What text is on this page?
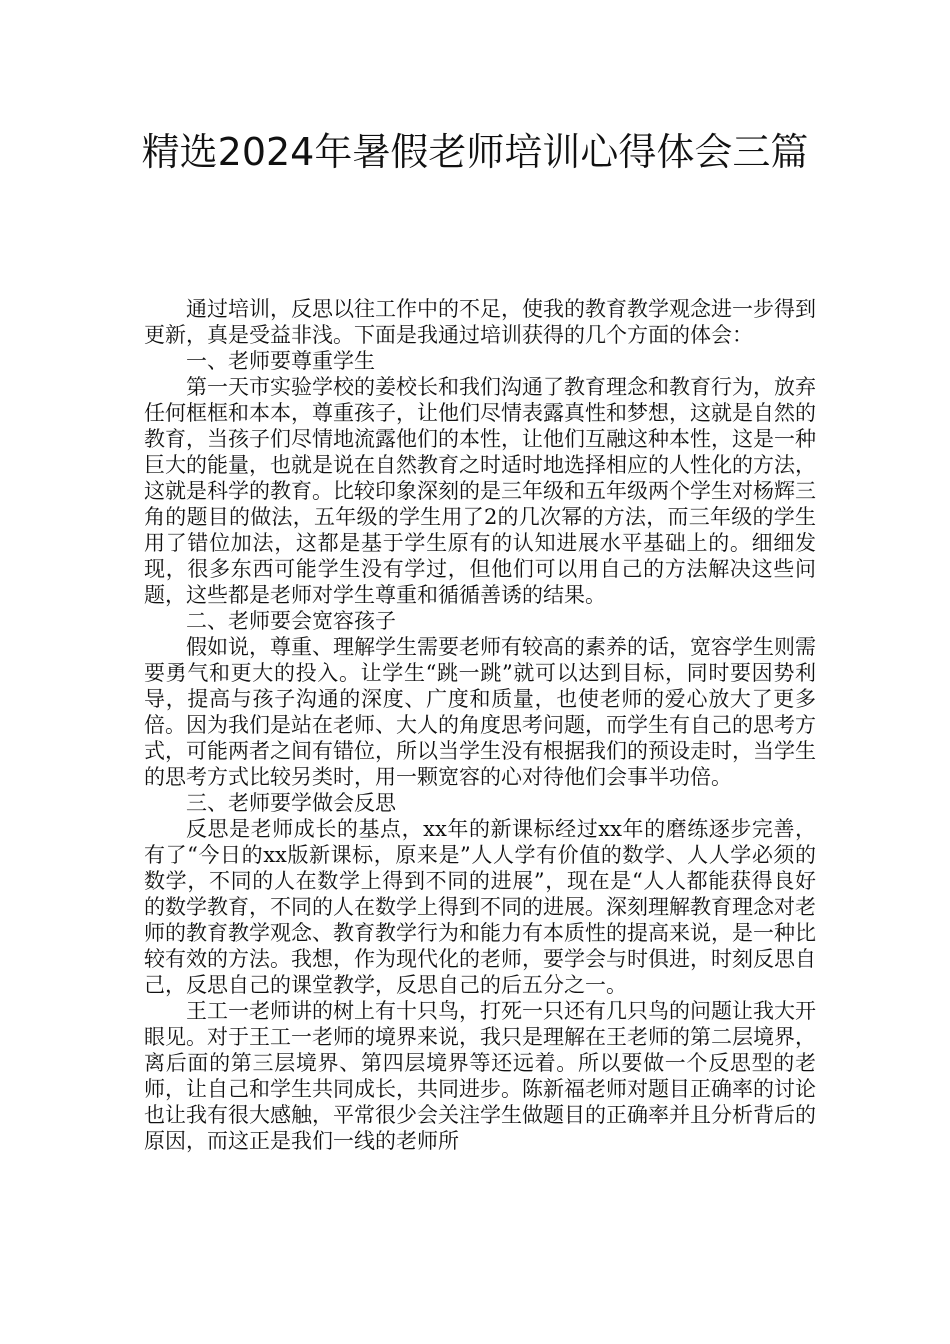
精选2024年暑假老师培训心得体会三篇

通过培训，反思以往工作中的不足，使我的教育教学观念进一步得到更新，真是受益非浅。下面是我通过培训获得的几个方面的体会：

一、老师要尊重学生

第一天市实验学校的姜校长和我们沟通了教育理念和教育行为，放弃任何框框和本本，尊重孩子，让他们尽情表露真性和梦想，这就是自然的教育，当孩子们尽情地流露他们的本性，让他们互融这种本性，这是一种巨大的能量，也就是说在自然教育之时适时地选择相应的人性化的方法，这就是科学的教育。比较印象深刻的是三年级和五年级两个学生对杨辉三角的题目的做法，五年级的学生用了2的几次幂的方法，而三年级的学生用了错位加法，这都是基于学生原有的认知进展水平基础上的。细细发现，很多东西可能学生没有学过，但他们可以用自己的方法解决这些问题，这些都是老师对学生尊重和循循善诱的结果。

二、老师要会宽容孩子

假如说，尊重、理解学生需要老师有较高的素养的话，宽容学生则需要勇气和更大的投入。让学生“跳一跳”就可以达到目标，同时要因势利导，提高与孩子沟通的深度、广度和质量，也使老师的爱心放大了更多倍。因为我们是站在老师、大人的角度思考问题，而学生有自己的思考方式，可能两者之间有错位，所以当学生没有根据我们的预设走时，当学生的思考方式比较另类时，用一颗宽容的心对待他们会事半功倍。

三、老师要学做会反思

反思是老师成长的基点，xx年的新课标经过xx年的磨练逐步完善，有了“今日的xx版新课标，原来是”人人学有价值的数学、人人学必须的数学，不同的人在数学上得到不同的进展”，现在是“人人都能获得良好的数学教育，不同的人在数学上得到不同的进展。深刻理解教育理念对老师的教育教学观念、教育教学行为和能力有本质性的提高来说，是一种比较有效的方法。我想，作为现代化的老师，要学会与时俱进，时刻反思自己，反思自己的课堂教学，反思自己的后五分之一。

王工一老师讲的树上有十只鸟，打死一只还有几只鸟的问题让我大开眼见。对于王工一老师的境界来说，我只是理解在王老师的第二层境界，离后面的第三层境界、第四层境界等还远着。所以要做一个反思型的老师，让自己和学生共同成长，共同进步。陈新福老师对题目正确率的讨论也让我有很大感触，平常很少会关注学生做题目的正确率并且分析背后的原因，而这正是我们一线的老师所
